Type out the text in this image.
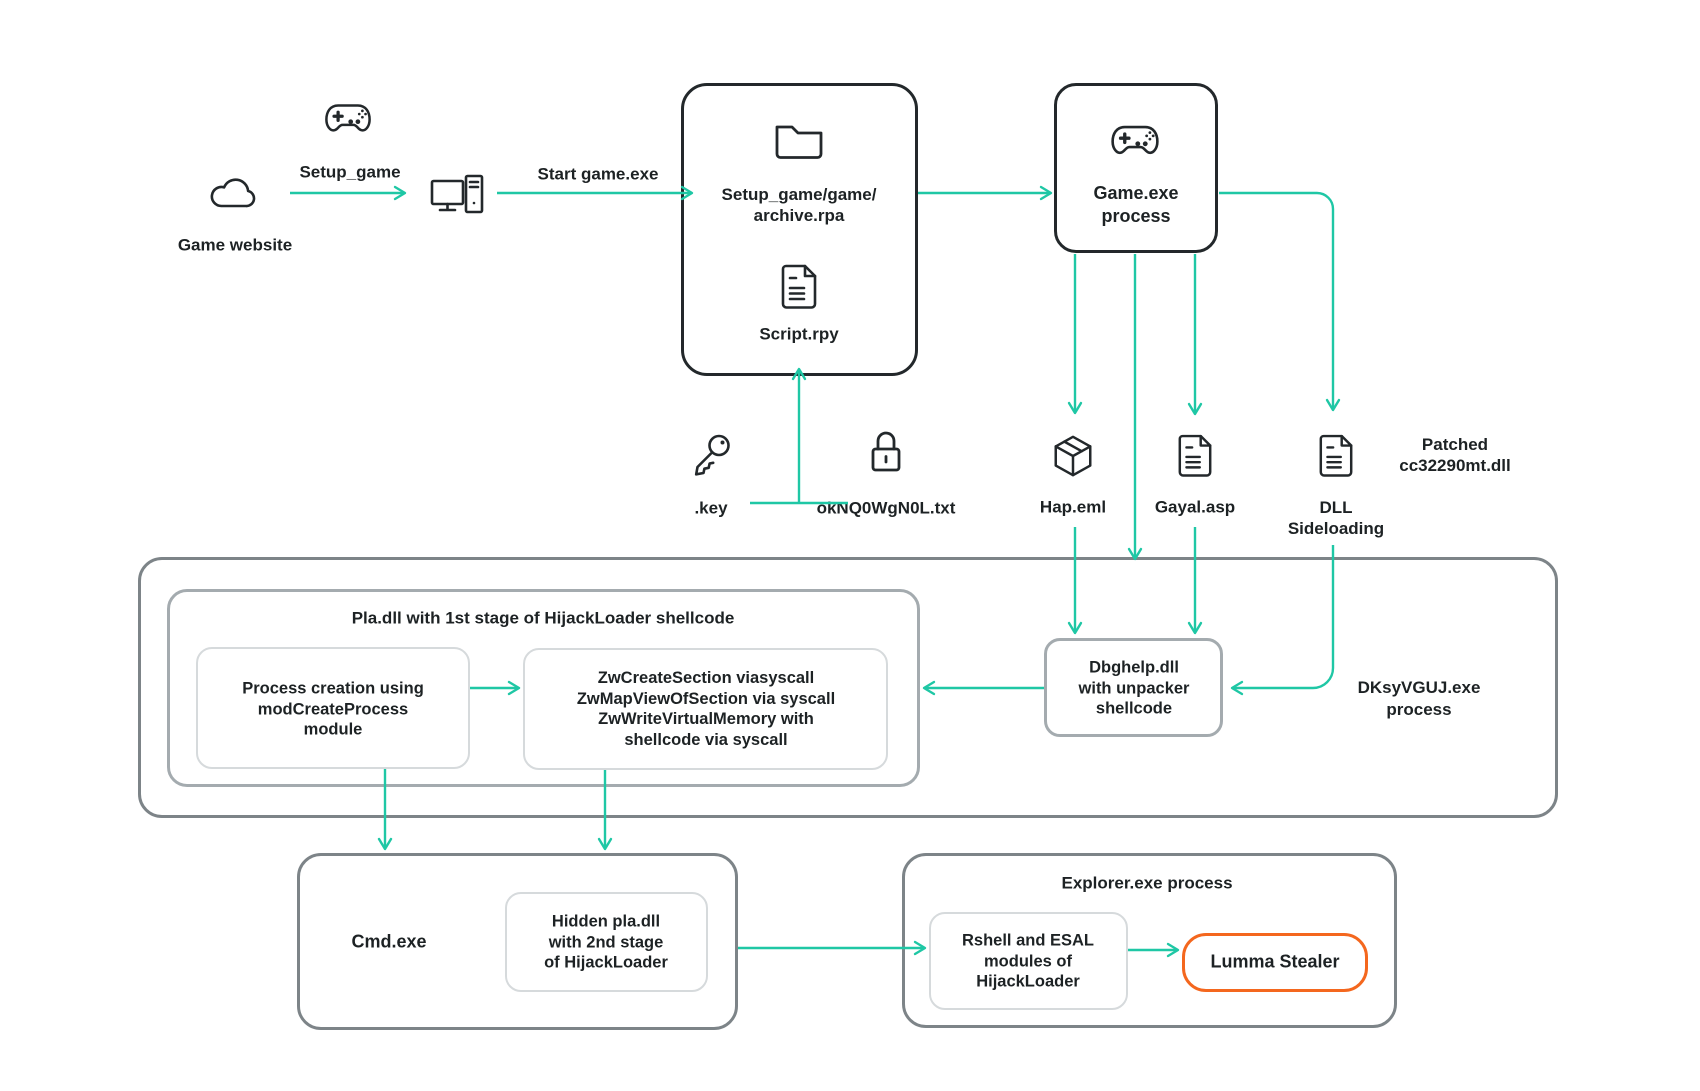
Game website
Setup_game	Start game.exe
Setup_game/game/
archive.rpa
Script.rpy
Game.exe
process
.key	okNQ0WgN0L.txt	Hap.eml	Gayal.asp	DLL
Sideloading
Patched
cc32290mt.dll
Pla.dll with 1st stage of HijackLoader shellcode
Process creation using
modCreateProcess
module
ZwCreateSection viasyscall
ZwMapViewOfSection via syscall
ZwWriteVirtualMemory with
shellcode via syscall
Dbghelp.dll
with unpacker
shellcode
DKsyVGUJ.exe
process
Cmd.exe
Hidden pla.dll
with 2nd stage
of HijackLoader
Explorer.exe process
Rshell and ESAL
modules of
HijackLoader
Lumma Stealer
